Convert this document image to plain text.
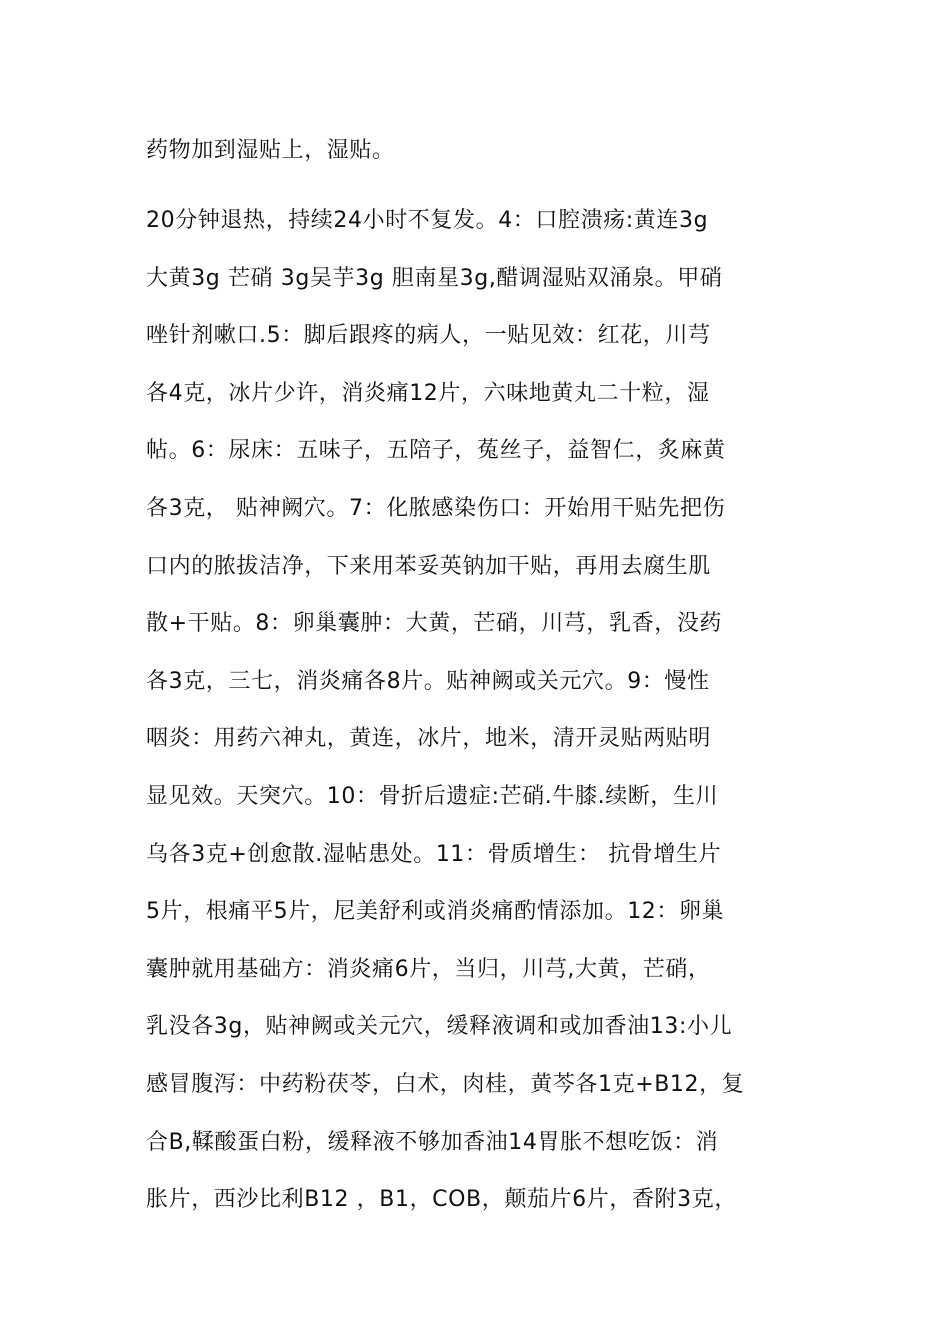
药物加到湿贴上，湿贴。

20分钟退热，持续24小时不复发。4：口腔溃疡:黄连3g
大黄3g 芒硝 3g吴芋3g 胆南星3g,醋调湿贴双涌泉。甲硝
唑针剂嗽口.5：脚后跟疼的病人，一贴见效：红花，川芎
各4克，冰片少许，消炎痛12片，六味地黄丸二十粒，湿
帖。6：尿床：五味子，五陪子，菟丝子，益智仁，炙麻黄
各3克， 贴神阙穴。7：化脓感染伤口：开始用干贴先把伤
口内的脓拔洁净，下来用苯妥英钠加干贴，再用去腐生肌
散+干贴。8：卵巢囊肿：大黄，芒硝，川芎，乳香，没药
各3克，三七，消炎痛各8片。贴神阙或关元穴。9：慢性
咽炎：用药六神丸，黄连，冰片，地米，清开灵贴两贴明
显见效。天突穴。10：骨折后遗症:芒硝.牛膝.续断，生川
乌各3克+创愈散.湿帖患处。11：骨质增生： 抗骨增生片
5片，根痛平5片，尼美舒利或消炎痛酌情添加。12：卵巢
囊肿就用基础方：消炎痛6片，当归，川芎,大黄，芒硝，
乳没各3g，贴神阙或关元穴，缓释液调和或加香油13:小儿
感冒腹泻：中药粉茯苓，白术，肉桂，黄芩各1克+B12，复
合B,鞣酸蛋白粉，缓释液不够加香油14胃胀不想吃饭：消
胀片，西沙比利B12 ，B1，COB，颠茄片6片，香附3克，
